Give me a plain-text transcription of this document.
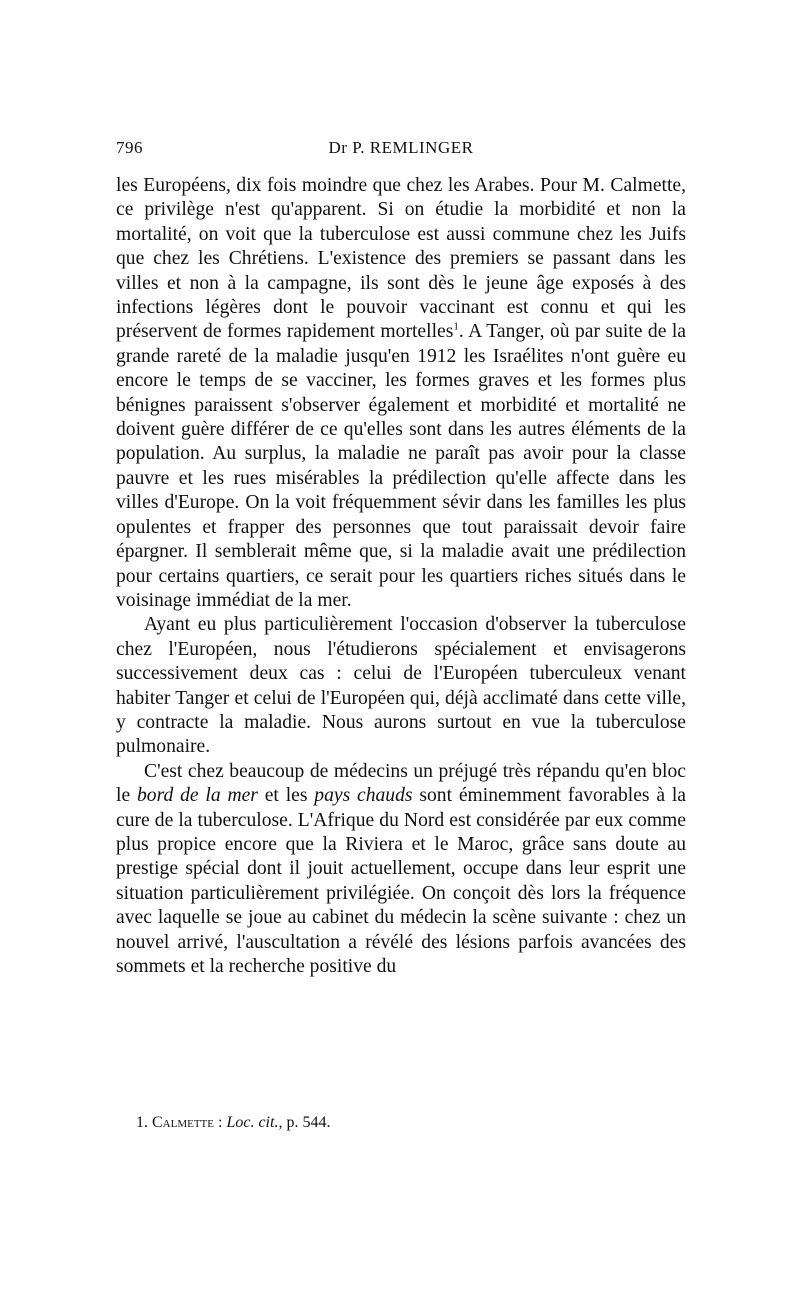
796	Dr P. REMLINGER

les Européens, dix fois moindre que chez les Arabes. Pour M. Calmette, ce privilège n'est qu'apparent. Si on étudie la morbidité et non la mortalité, on voit que la tuberculose est aussi commune chez les Juifs que chez les Chrétiens. L'existence des premiers se passant dans les villes et non à la campagne, ils sont dès le jeune âge exposés à des infections légères dont le pouvoir vaccinant est connu et qui les préservent de formes rapidement mortelles$^1$. A Tanger, où par suite de la grande rareté de la maladie jusqu'en 1912 les Israélites n'ont guère eu encore le temps de se vacciner, les formes graves et les formes plus bénignes paraissent s'observer également et morbidité et mortalité ne doivent guère différer de ce qu'elles sont dans les autres éléments de la population. Au surplus, la maladie ne paraît pas avoir pour la classe pauvre et les rues misérables la prédilection qu'elle affecte dans les villes d'Europe. On la voit fréquemment sévir dans les familles les plus opulentes et frapper des personnes que tout paraissait devoir faire épargner. Il semblerait même que, si la maladie avait une prédilection pour certains quartiers, ce serait pour les quartiers riches situés dans le voisinage immédiat de la mer.

Ayant eu plus particulièrement l'occasion d'observer la tuberculose chez l'Européen, nous l'étudierons spécialement et envisagerons successivement deux cas : celui de l'Européen tuberculeux venant habiter Tanger et celui de l'Européen qui, déjà acclimaté dans cette ville, y contracte la maladie. Nous aurons surtout en vue la tuberculose pulmonaire.

C'est chez beaucoup de médecins un préjugé très répandu qu'en bloc le bord de la mer et les pays chauds sont éminemment favorables à la cure de la tuberculose. L'Afrique du Nord est considérée par eux comme plus propice encore que la Riviera et le Maroc, grâce sans doute au prestige spécial dont il jouit actuellement, occupe dans leur esprit une situation particulièrement privilégiée. On conçoit dès lors la fréquence avec laquelle se joue au cabinet du médecin la scène suivante : chez un nouvel arrivé, l'auscultation a révélé des lésions parfois avancées des sommets et la recherche positive du

1. Calmette : Loc. cit., p. 544.
